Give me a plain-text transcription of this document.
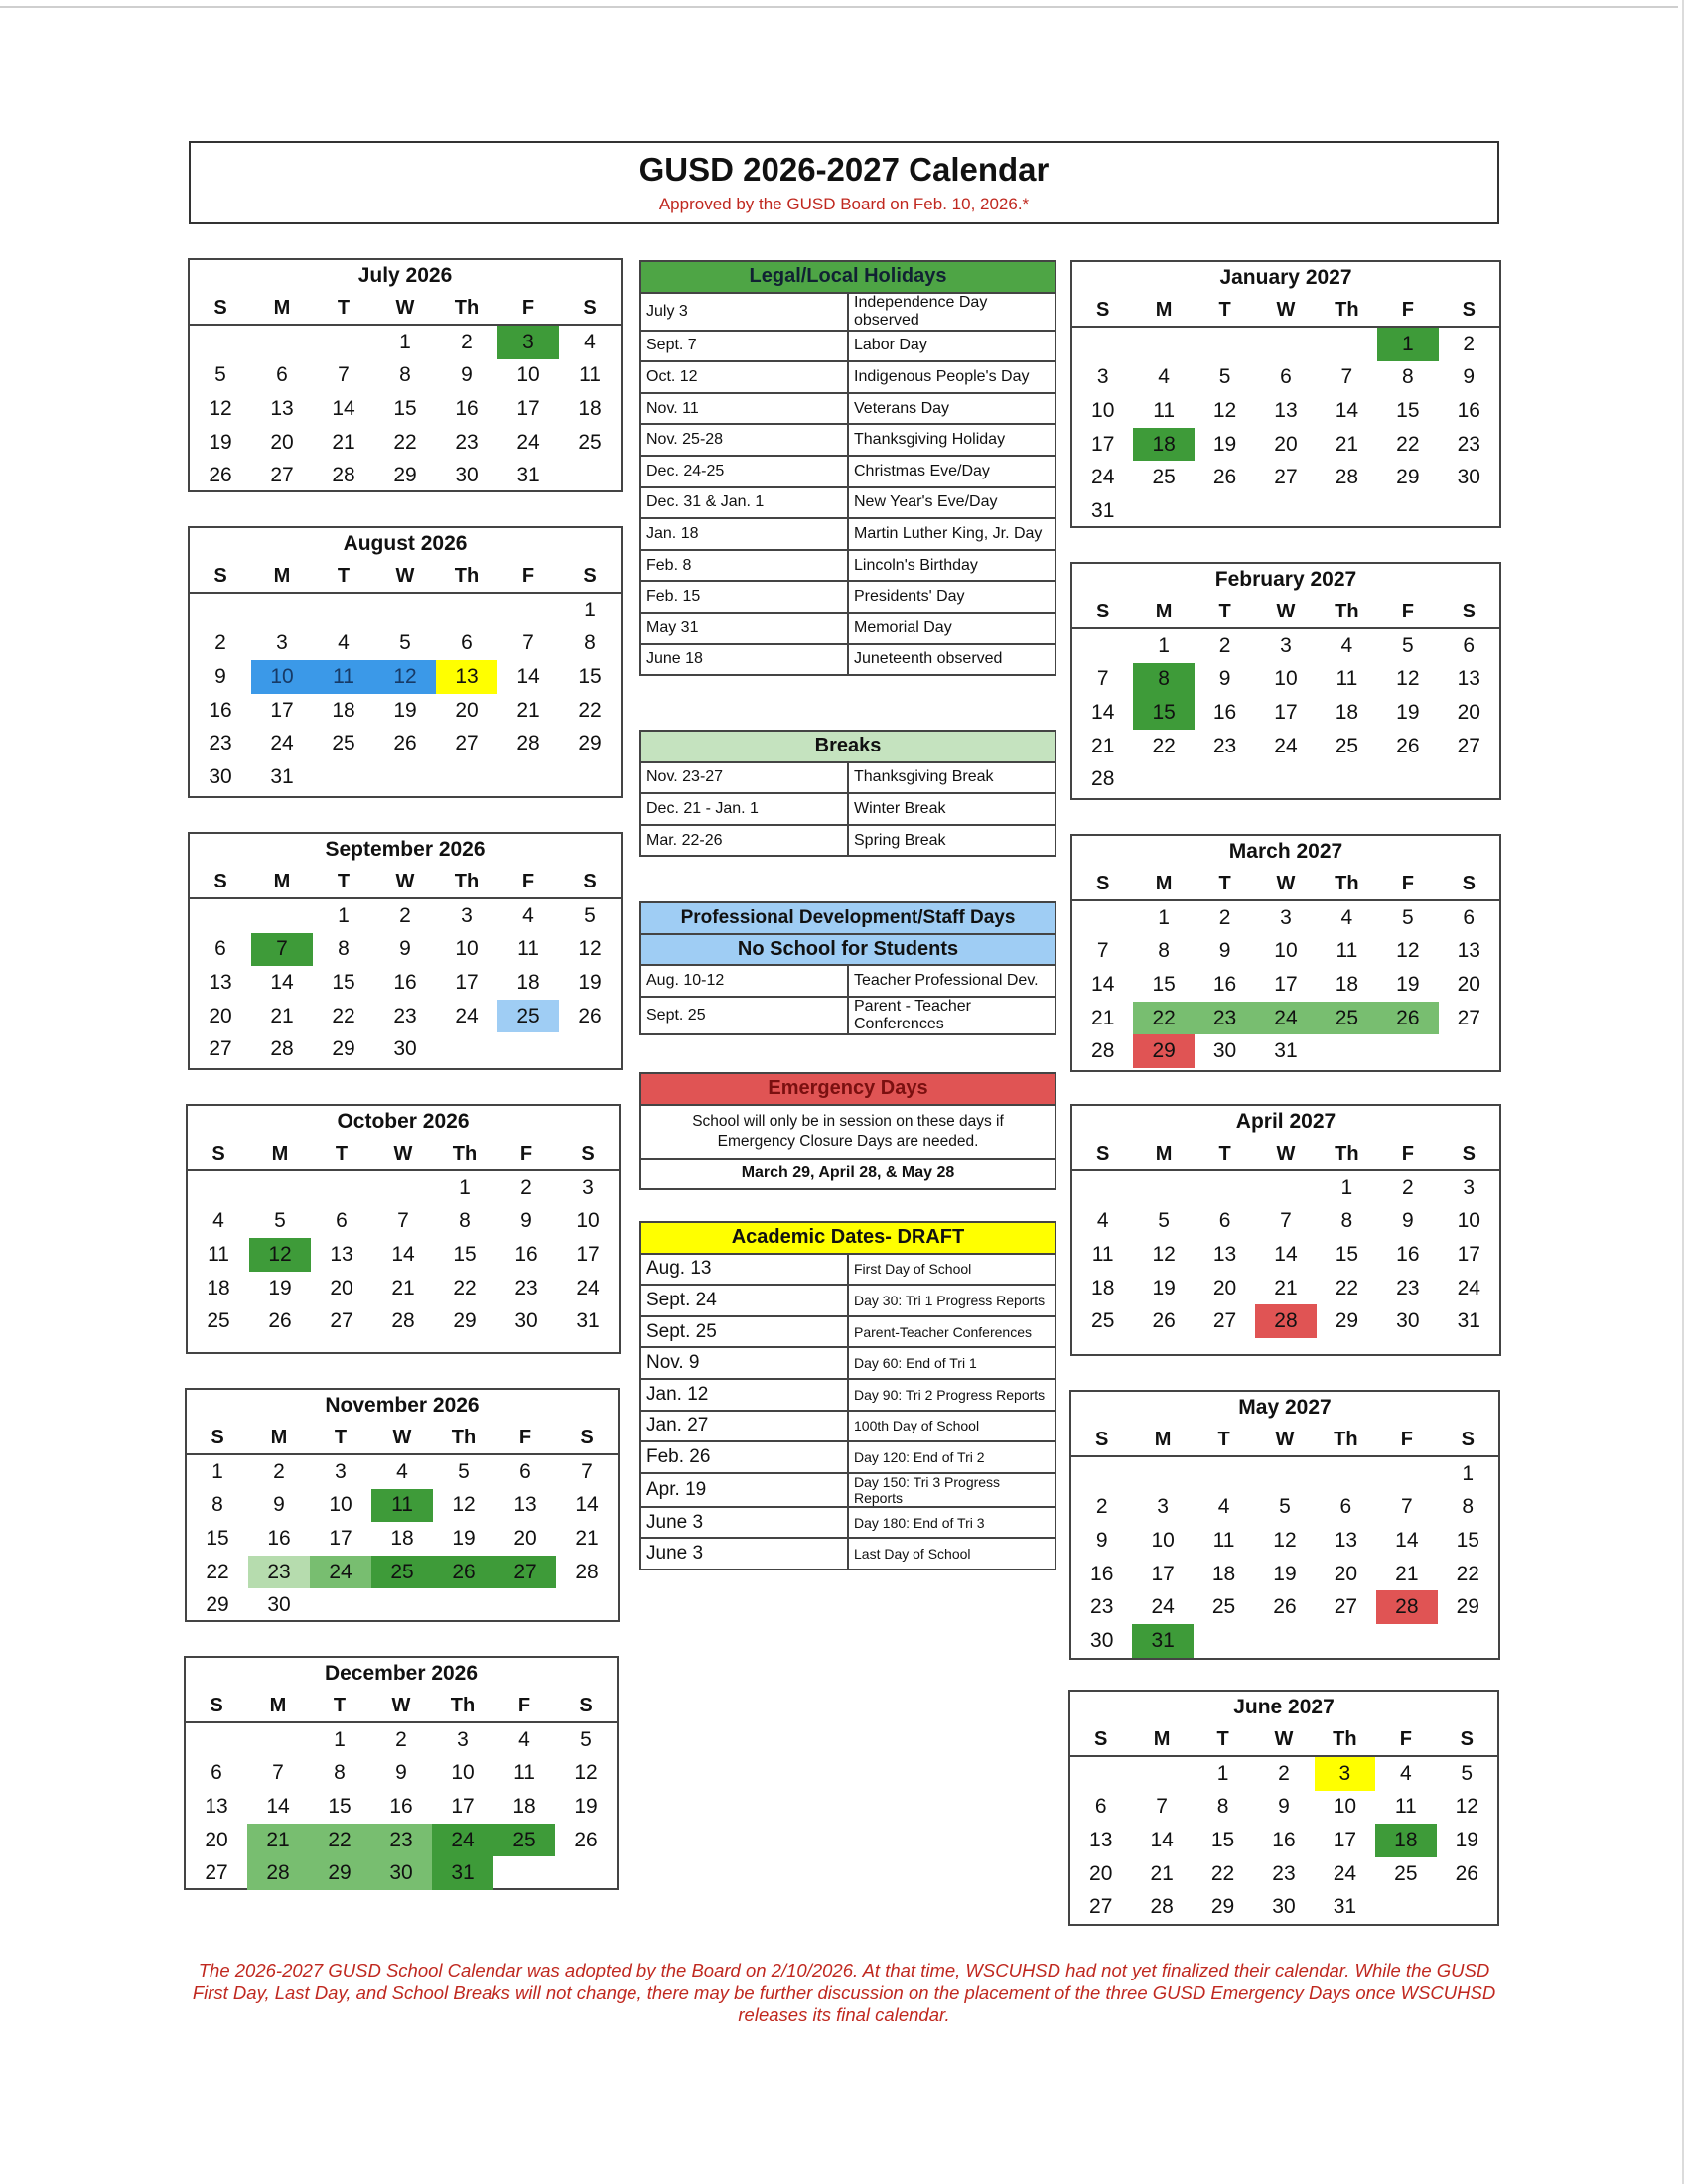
GUSD 2026-2027 Calendar
Approved by the GUSD Board on Feb. 10, 2026.*
July 2026
S	M	T	W	Th	F	S
			1	2	3	4
5	6	7	8	9	10	11
12	13	14	15	16	17	18
19	20	21	22	23	24	25
26	27	28	29	30	31	
August 2026
S	M	T	W	Th	F	S
						1
2	3	4	5	6	7	8
9	10	11	12	13	14	15
16	17	18	19	20	21	22
23	24	25	26	27	28	29
30	31					
September 2026
S	M	T	W	Th	F	S
		1	2	3	4	5
6	7	8	9	10	11	12
13	14	15	16	17	18	19
20	21	22	23	24	25	26
27	28	29	30			
October 2026
S	M	T	W	Th	F	S
				1	2	3
4	5	6	7	8	9	10
11	12	13	14	15	16	17
18	19	20	21	22	23	24
25	26	27	28	29	30	31
November 2026
S	M	T	W	Th	F	S
1	2	3	4	5	6	7
8	9	10	11	12	13	14
15	16	17	18	19	20	21
22	23	24	25	26	27	28
29	30					
December 2026
S	M	T	W	Th	F	S
		1	2	3	4	5
6	7	8	9	10	11	12
13	14	15	16	17	18	19
20	21	22	23	24	25	26
27	28	29	30	31		
January 2027
S	M	T	W	Th	F	S
					1	2
3	4	5	6	7	8	9
10	11	12	13	14	15	16
17	18	19	20	21	22	23
24	25	26	27	28	29	30
31						
February 2027
S	M	T	W	Th	F	S
	1	2	3	4	5	6
7	8	9	10	11	12	13
14	15	16	17	18	19	20
21	22	23	24	25	26	27
28						
March 2027
S	M	T	W	Th	F	S
	1	2	3	4	5	6
7	8	9	10	11	12	13
14	15	16	17	18	19	20
21	22	23	24	25	26	27
28	29	30	31			
April 2027
S	M	T	W	Th	F	S
				1	2	3
4	5	6	7	8	9	10
11	12	13	14	15	16	17
18	19	20	21	22	23	24
25	26	27	28	29	30	31
May 2027
S	M	T	W	Th	F	S
						1
2	3	4	5	6	7	8
9	10	11	12	13	14	15
16	17	18	19	20	21	22
23	24	25	26	27	28	29
30	31					
June 2027
S	M	T	W	Th	F	S
		1	2	3	4	5
6	7	8	9	10	11	12
13	14	15	16	17	18	19
20	21	22	23	24	25	26
27	28	29	30	31		
Legal/Local Holidays	
July 3	Independence Day observed
Sept. 7	Labor Day
Oct. 12	Indigenous People's Day
Nov. 11	Veterans Day
Nov. 25-28	Thanksgiving Holiday
Dec. 24-25	Christmas Eve/Day
Dec. 31 & Jan. 1	New Year's Eve/Day
Jan. 18	Martin Luther King, Jr. Day
Feb. 8	Lincoln's Birthday
Feb. 15	Presidents' Day
May 31	Memorial Day
June 18	Juneteenth observed
Breaks	
Nov. 23-27	Thanksgiving Break
Dec. 21 - Jan. 1	Winter Break
Mar. 22-26	Spring Break
Professional Development/Staff Days	
No School for Students	
Aug. 10-12	Teacher Professional Dev.
Sept. 25	Parent - Teacher Conferences
Emergency Days
School will only be in session on these days if Emergency Closure Days are needed.
March 29, April 28, & May 28
Academic Dates- DRAFT	
Aug. 13	First Day of School
Sept. 24	Day 30: Tri 1 Progress Reports
Sept. 25	Parent-Teacher Conferences
Nov. 9	Day 60: End of Tri 1
Jan. 12	Day 90: Tri 2 Progress Reports
Jan. 27	100th Day of School
Feb. 26	Day 120: End of Tri 2
Apr. 19	Day 150: Tri 3 Progress Reports
June 3	Day 180: End of Tri 3
June 3	Last Day of School
The 2026-2027 GUSD School Calendar was adopted by the Board on 2/10/2026. At that time, WSCUHSD had not yet finalized their calendar. While the GUSD First Day, Last Day, and School Breaks will not change, there may be further discussion on the placement of the three GUSD Emergency Days once WSCUHSD releases its final calendar.
